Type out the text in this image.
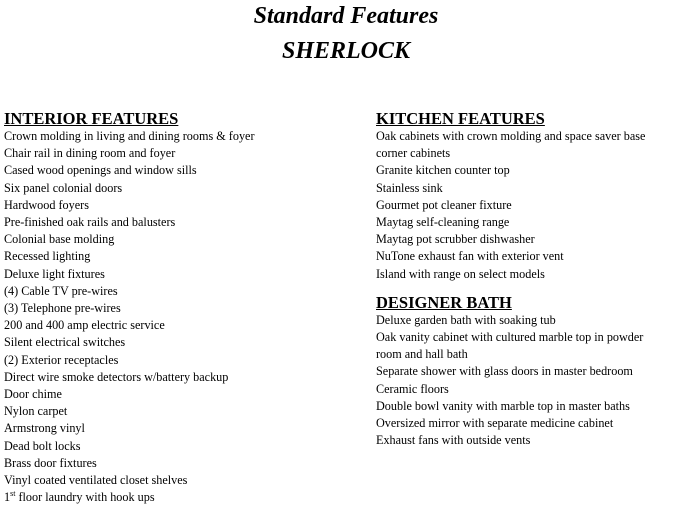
Standard Features
SHERLOCK
INTERIOR FEATURES
Crown molding in living and dining rooms & foyer
Chair rail in dining room and foyer
Cased wood openings and window sills
Six panel colonial doors
Hardwood foyers
Pre-finished oak rails and balusters
Colonial base molding
Recessed lighting
Deluxe light fixtures
(4) Cable TV pre-wires
(3) Telephone pre-wires
200 and 400 amp electric service
Silent electrical switches
(2) Exterior receptacles
Direct wire smoke detectors w/battery backup
Door chime
Nylon carpet
Armstrong vinyl
Dead bolt locks
Brass door fixtures
Vinyl coated ventilated closet shelves
1st floor laundry with hook ups
KITCHEN FEATURES
Oak cabinets with crown molding and space saver base
corner cabinets
Granite kitchen counter top
Stainless sink
Gourmet pot cleaner fixture
Maytag self-cleaning range
Maytag pot scrubber dishwasher
NuTone exhaust fan with exterior vent
Island with range on select models
DESIGNER BATH
Deluxe garden bath with soaking tub
Oak vanity cabinet with cultured marble top in powder
room and hall bath
Separate shower with glass doors in master bedroom
Ceramic floors
Double bowl vanity with marble top in master baths
Oversized mirror with separate medicine cabinet
Exhaust fans with outside vents
